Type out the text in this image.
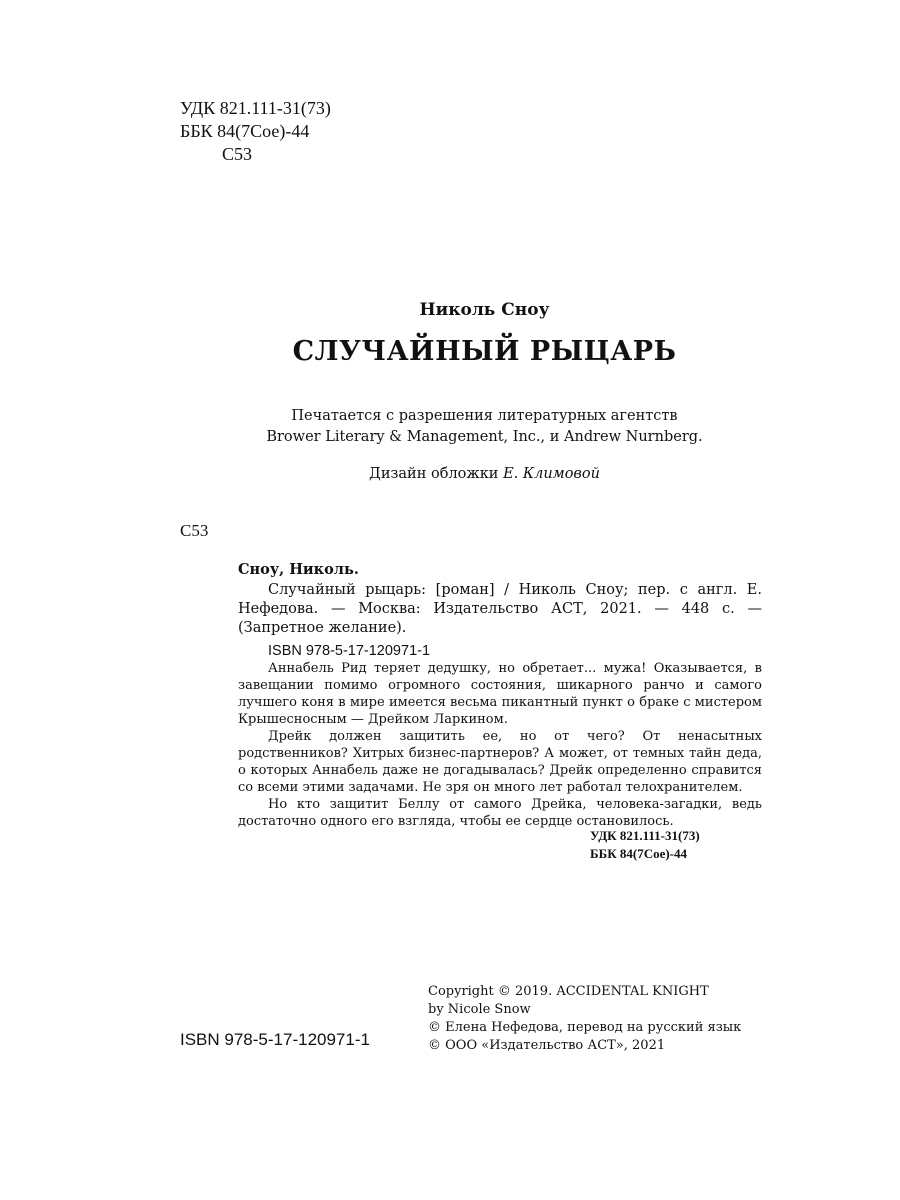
УДК 821.111-31(73)
ББК 84(7Сое)-44
С53
Николь Сноу
СЛУЧАЙНЫЙ РЫЦАРЬ
Печатается с разрешения литературных агентств
Brower Literary & Management, Inc., и Andrew Nurnberg.
Дизайн обложки Е. Климовой
С53
Сноу, Николь.
Случайный рыцарь: [роман] / Николь Сноу; пер. с англ. Е. Нефедова. — Москва: Издательство АСТ, 2021. — 448 с. — (Запретное желание).
ISBN 978-5-17-120971-1

Аннабель Рид теряет дедушку, но обретает... мужа! Оказывается, в завещании помимо огромного состояния, шикарного ранчо и самого лучшего коня в мире имеется весьма пикантный пункт о браке с мистером Крышесносным — Дрейком Ларкином.

Дрейк должен защитить ее, но от чего? От ненасытных родственников? Хитрых бизнес-партнеров? А может, от темных тайн деда, о которых Аннабель даже не догадывалась? Дрейк определенно справится со всеми этими задачами. Не зря он много лет работал телохранителем.

Но кто защитит Беллу от самого Дрейка, человека-загадки, ведь достаточно одного его взгляда, чтобы ее сердце остановилось.

УДК 821.111-31(73)
ББК 84(7Сое)-44
Copyright © 2019. ACCIDENTAL KNIGHT
by Nicole Snow
© Елена Нефедова, перевод на русский язык
© ООО «Издательство АСТ», 2021
ISBN 978-5-17-120971-1
